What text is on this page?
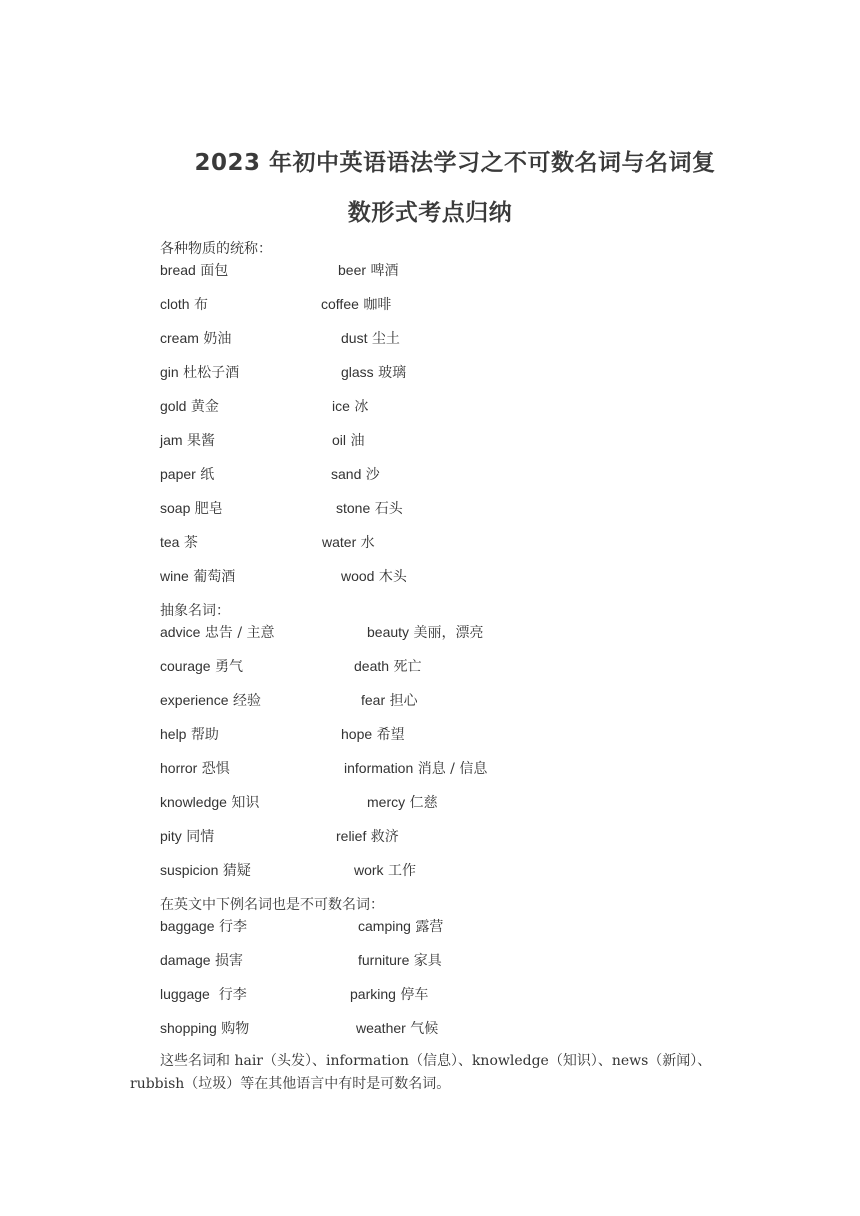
2023 年初中英语语法学习之不可数名词与名词复
数形式考点归纳
各种物质的统称：
bread 面包	beer 啤酒
cloth 布	coffee 咖啡
cream 奶油	dust 尘土
gin 杜松子酒	glass 玻璃
gold 黄金	ice 冰
jam 果酱	oil 油
paper 纸	sand 沙
soap 肥皂	stone 石头
tea 茶	water 水
wine 葡萄酒	wood 木头
抽象名词：
advice 忠告 / 主意	beauty 美丽，漂亮
courage 勇气	death 死亡
experience 经验	fear 担心
help 帮助	hope 希望
horror 恐惧	information 消息 / 信息
knowledge 知识	mercy 仁慈
pity 同情	relief 救济
suspicion 猜疑	work 工作
在英文中下例名词也是不可数名词：
baggage 行李	camping 露营
damage 损害	furniture 家具
luggage  行李	parking 停车
shopping 购物	weather 气候
这些名词和 hair（头发）、information（信息）、knowledge（知识）、news（新闻）、
rubbish（垃圾）等在其他语言中有时是可数名词。
